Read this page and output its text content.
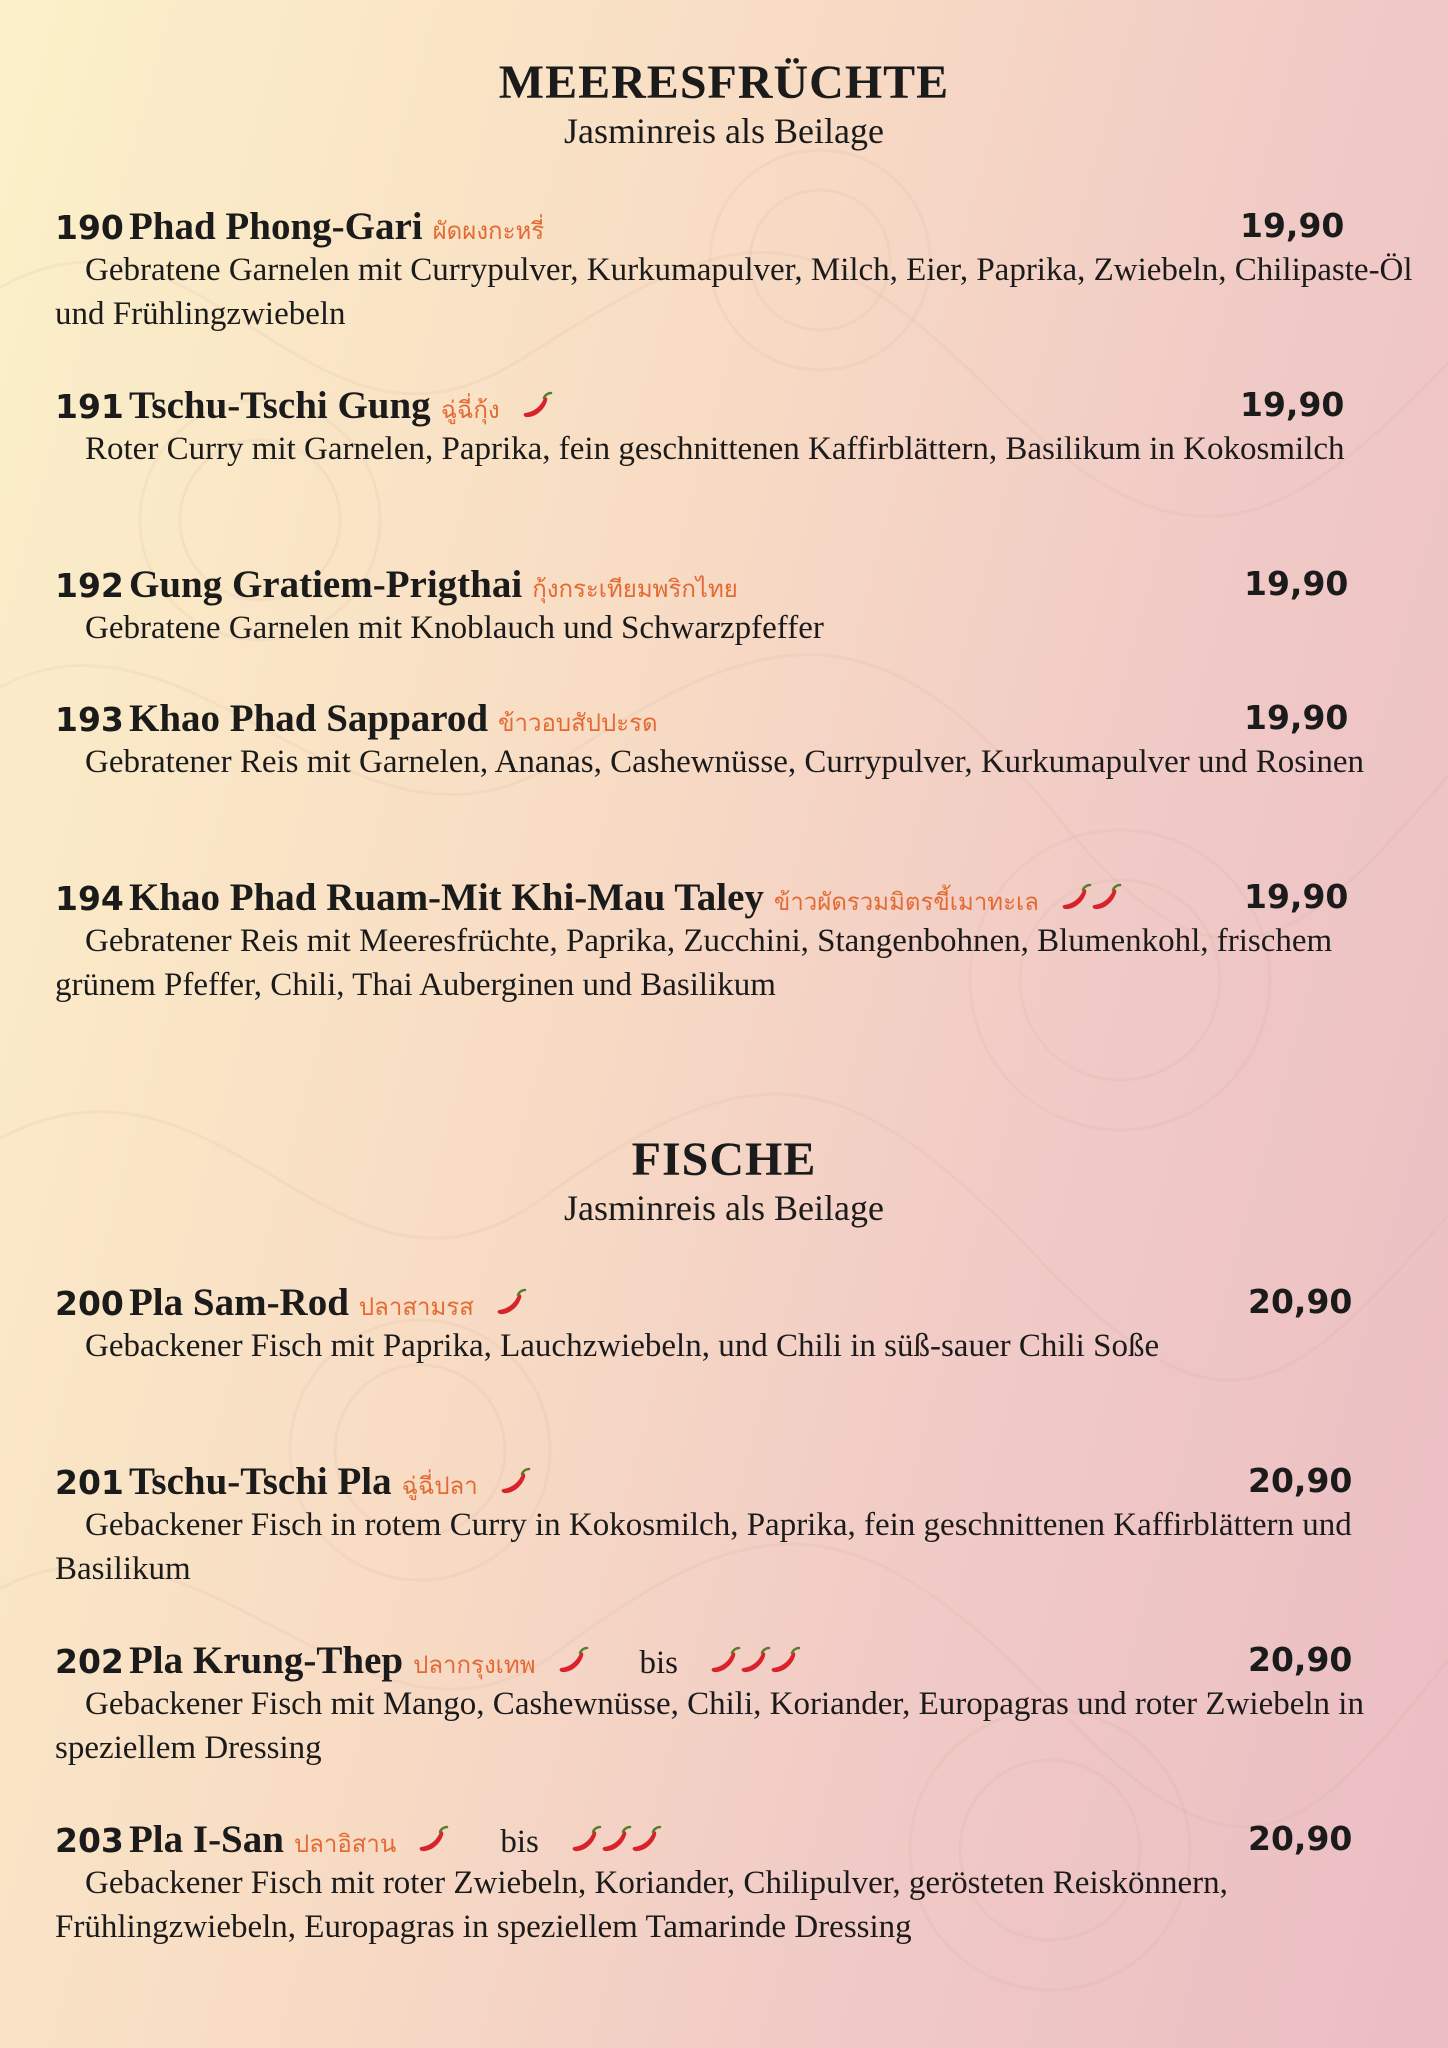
MEERESFRÜCHTE
Jasminreis als Beilage
190 Phad Phong-Gari ผัดผงกะหรี่	19,90

Gebratene Garnelen mit Currypulver, Kurkumapulver, Milch, Eier, Paprika, Zwiebeln, Chilipaste-Öl und Frühlingzwiebeln

191 Tschu-Tschi Gung ฉู่ฉี่กุ้ง	19,90

Roter Curry mit Garnelen, Paprika, fein geschnittenen Kaffirblättern, Basilikum in Kokosmilch

192 Gung Gratiem-Prigthai กุ้งกระเทียมพริกไทย	19,90

Gebratene Garnelen mit Knoblauch und Schwarzpfeffer

193 Khao Phad Sapparod ข้าวอบสัปปะรด	19,90

Gebratener Reis mit Garnelen, Ananas, Cashewnüsse, Currypulver, Kurkumapulver und Rosinen

194 Khao Phad Ruam-Mit Khi-Mau Taley ข้าวผัดรวมมิตรขี้เมาทะเล	19,90

Gebratener Reis mit Meeresfrüchte, Paprika, Zucchini, Stangenbohnen, Blumenkohl, frischem grünem Pfeffer, Chili, Thai Auberginen und Basilikum

FISCHE
Jasminreis als Beilage
200 Pla Sam-Rod ปลาสามรส	20,90

Gebackener Fisch mit Paprika, Lauchzwiebeln, und Chili in süß-sauer Chili Soße

201 Tschu-Tschi Pla ฉู่ฉี่ปลา	20,90

Gebackener Fisch in rotem Curry in Kokosmilch, Paprika, fein geschnittenen Kaffirblättern und Basilikum

202 Pla Krung-Thep ปลากรุงเทพ	bis	20,90

Gebackener Fisch mit Mango, Cashewnüsse, Chili, Koriander, Europagras und roter Zwiebeln in speziellem Dressing

203 Pla I-San ปลาอิสาน	bis	20,90

Gebackener Fisch mit roter Zwiebeln, Koriander, Chilipulver, gerösteten Reiskönnern, Frühlingzwiebeln, Europagras in speziellem Tamarinde Dressing
